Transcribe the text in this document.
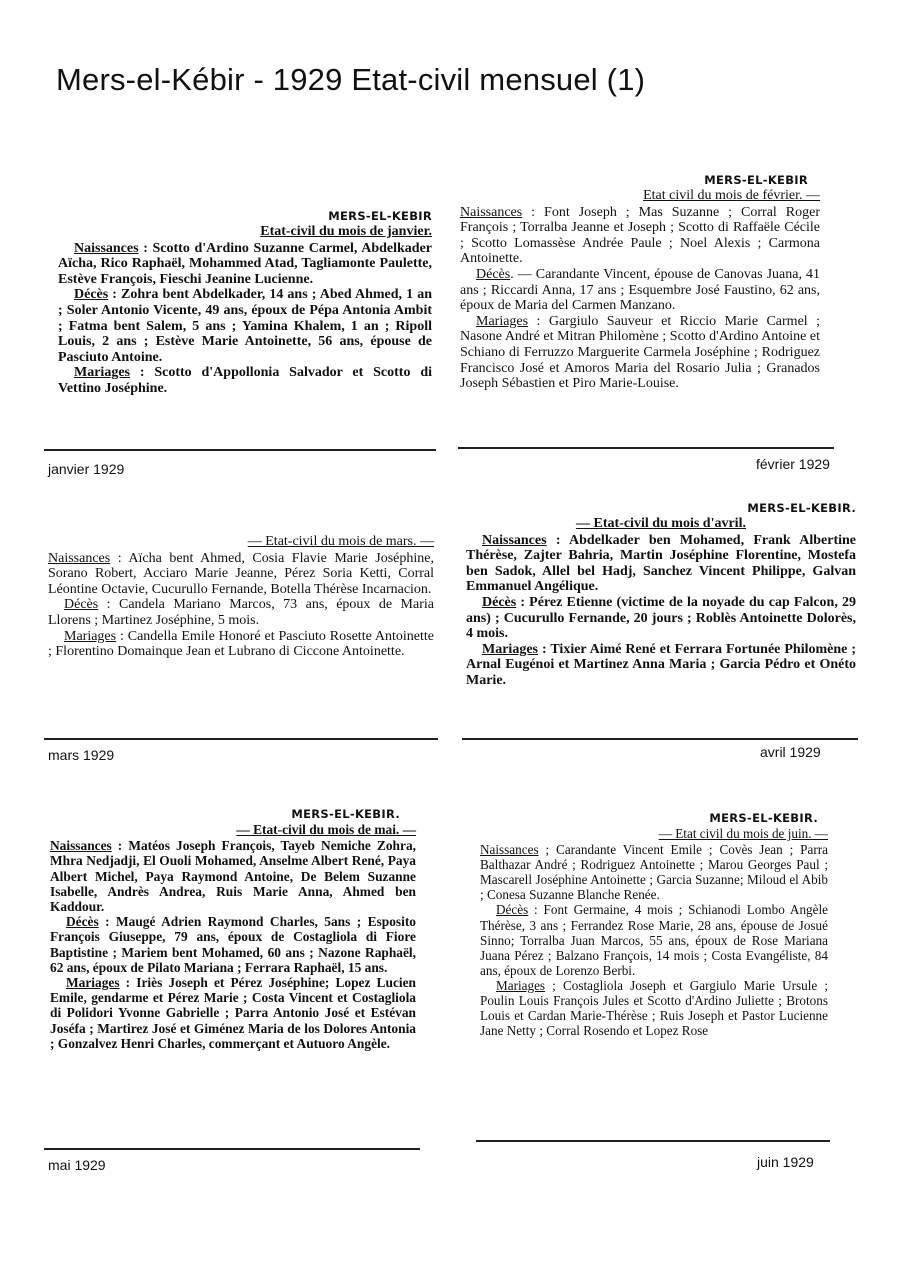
Mers-el-Kébir - 1929 Etat-civil mensuel (1)
MERS-EL-KEBIR
Etat-civil du mois de janvier.

Naissances : Scotto d'Ardino Suzanne Carmel, Abdelkader Aïcha, Rico Raphaël, Mohammed Atad, Tagliamonte Paulette, Estève François, Fieschi Jeanine Lucienne.

Décès : Zohra bent Abdelkader, 14 ans ; Abed Ahmed, 1 an ; Soler Antonio Vicente, 49 ans, époux de Pépa Antonia Ambit ; Fatma bent Salem, 5 ans ; Yamina Khalem, 1 an ; Ripoll Louis, 2 ans ; Estève Marie Antoinette, 56 ans, épouse de Pasciuto Antoine.

Mariages : Scotto d'Appollonia Salvador et Scotto di Vettino Joséphine.

janvier 1929
MERS-EL-KEBIR
Etat civil du mois de février. —

Naissances : Font Joseph ; Mas Suzanne ; Corral Roger François ; Torralba Jeanne et Joseph ; Scotto di Raffaële Cécile ; Scotto Lomassèse Andrée Paule ; Noel Alexis ; Carmona Antoinette.

Décès. — Carandante Vincent, épouse de Canovas Juana, 41 ans ; Riccardi Anna, 17 ans ; Esquembre José Faustino, 62 ans, époux de Maria del Carmen Manzano.

Mariages : Gargiulo Sauveur et Riccio Marie Carmel ; Nasone André et Mitran Philomène ; Scotto d'Ardino Antoine et Schiano di Ferruzzo Marguerite Carmela Joséphine ; Rodriguez Francisco José et Amoros Maria del Rosario Julia ; Granados Joseph Sébastien et Piro Marie-Louise.

février 1929
— Etat-civil du mois de mars. —

Naissances : Aïcha bent Ahmed, Cosia Flavie Marie Joséphine, Sorano Robert, Acciaro Marie Jeanne, Pérez Soria Ketti, Corral Léontine Octavie, Cucurullo Fernande, Botella Thérèse Incarnacion.

Décès : Candela Mariano Marcos, 73 ans, époux de Maria Llorens ; Martinez Joséphine, 5 mois.

Mariages : Candella Emile Honoré et Pasciuto Rosette Antoinette ; Florentino Domainque Jean et Lubrano di Ciccone Antoinette.

mars 1929
MERS-EL-KEBIR.
— Etat-civil du mois d'avril.

Naissances : Abdelkader ben Mohamed, Frank Albertine Thérèse, Zajter Bahria, Martin Joséphine Florentine, Mostefa ben Sadok, Allel bel Hadj, Sanchez Vincent Philippe, Galvan Emmanuel Angélique.

Décès : Pérez Etienne (victime de la noyade du cap Falcon, 29 ans) ; Cucurullo Fernande, 20 jours ; Roblès Antoinette Dolorès, 4 mois.

Mariages : Tixier Aimé René et Ferrara Fortunée Philomène ; Arnal Eugénoi et Martinez Anna Maria ; Garcia Pédro et Onéto Marie.

avril 1929
MERS-EL-KEBIR.
— Etat-civil du mois de mai. —

Naissances : Matéos Joseph François, Tayeb Nemiche Zohra, Mhra Nedjadji, El Ouoli Mohamed, Anselme Albert René, Paya Albert Michel, Paya Raymond Antoine, De Belem Suzanne Isabelle, Andrès Andrea, Ruis Marie Anna, Ahmed ben Kaddour.

Décès : Maugé Adrien Raymond Charles, 5ans ; Esposito François Giuseppe, 79 ans, époux de Costagliola di Fiore Baptistine ; Mariem bent Mohamed, 60 ans ; Nazone Raphaël, 62 ans, époux de Pilato Mariana ; Ferrara Raphaël, 15 ans.

Mariages : Iriès Joseph et Pérez Joséphine; Lopez Lucien Emile, gendarme et Pérez Marie ; Costa Vincent et Costagliola di Polidori Yvonne Gabrielle ; Parra Antonio José et Estévan Joséfa ; Martirez José et Giménez Maria de los Dolores Antonia ; Gonzalvez Henri Charles, commerçant et Autuoro Angèle.

mai 1929
MERS-EL-KEBIR.
— Etat civil du mois de juin. —

Naissances ; Carandante Vincent Emile ; Covès Jean ; Parra Balthazar André ; Rodriguez Antoinette ; Marou Georges Paul ; Mascarell Joséphine Antoinette ; Garcia Suzanne; Miloud el Abib ; Conesa Suzanne Blanche Renée.

Décès : Font Germaine, 4 mois ; Schianodi Lombo Angèle Thérèse, 3 ans ; Ferrandez Rose Marie, 28 ans, épouse de Josué Sinno; Torralba Juan Marcos, 55 ans, époux de Rose Mariana Juana Pérez ; Balzano François, 14 mois ; Costa Evangéliste, 84 ans, époux de Lorenzo Berbi.

Mariages ; Costagliola Joseph et Gargiulo Marie Ursule ; Poulin Louis François Jules et Scotto d'Ardino Juliette ; Brotons Louis et Cardan Marie-Thérèse ; Ruis Joseph et Pastor Lucienne Jane Netty ; Corral Rosendo et Lopez Rose

juin 1929
